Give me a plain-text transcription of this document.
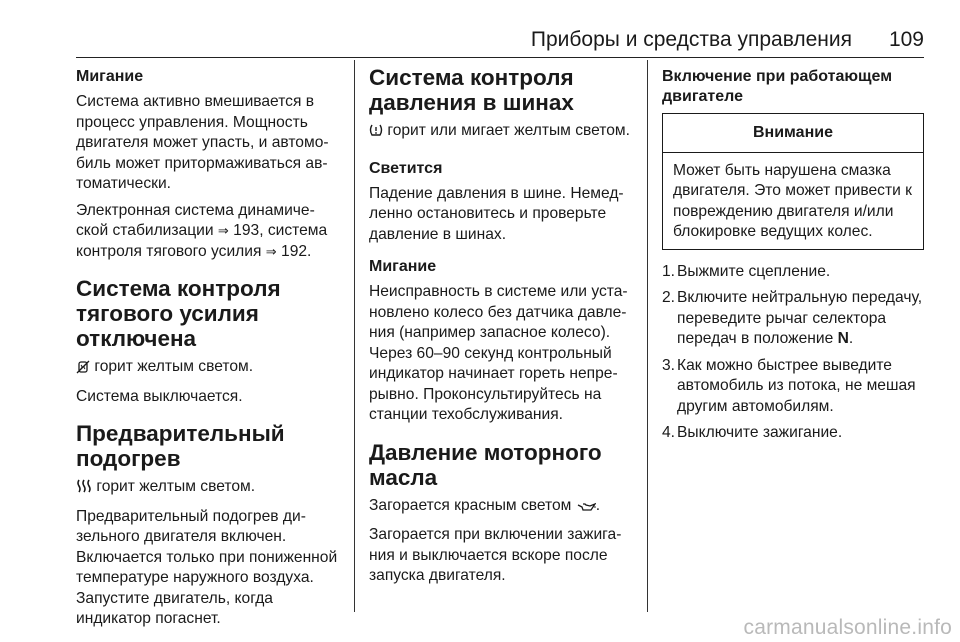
Приборы и средства управления 109
Мигание

Система активно вмешивается в процесс управления. Мощность двигателя может упасть, и автомобиль может притормаживаться автоматически.

Электронная система динамической стабилизации ⇒ 193, система контроля тягового усилия ⇒ 192.

Система контроля тягового усилия отключена

горит желтым светом.

Система выключается.

Предварительный подогрев

горит желтым светом.

Предварительный подогрев дизельного двигателя включен. Включается только при пониженной температуре наружного воздуха. Запустите двигатель, когда индикатор погаснет.

Система контроля давления в шинах

горит или мигает желтым светом.

Светится

Падение давления в шине. Немедленно остановитесь и проверьте давление в шинах.

Мигание

Неисправность в системе или установлено колесо без датчика давления (например запасное колесо). Через 60–90 секунд контрольный индикатор начинает гореть непрерывно. Проконсультируйтесь на станции техобслуживания.

Давление моторного масла

Загорается красным светом .

Загорается при включении зажигания и выключается вскоре после запуска двигателя.

Включение при работающем двигателе
Внимание
Может быть нарушена смазка двигателя. Это может привести к повреждению двигателя и/или блокировке ведущих колес.
1. Выжмите сцепление.
2. Включите нейтральную передачу, переведите рычаг селектора передач в положение N.
3. Как можно быстрее выведите автомобиль из потока, не мешая другим автомобилям.
4. Выключите зажигание.
carmanualsonline.info
